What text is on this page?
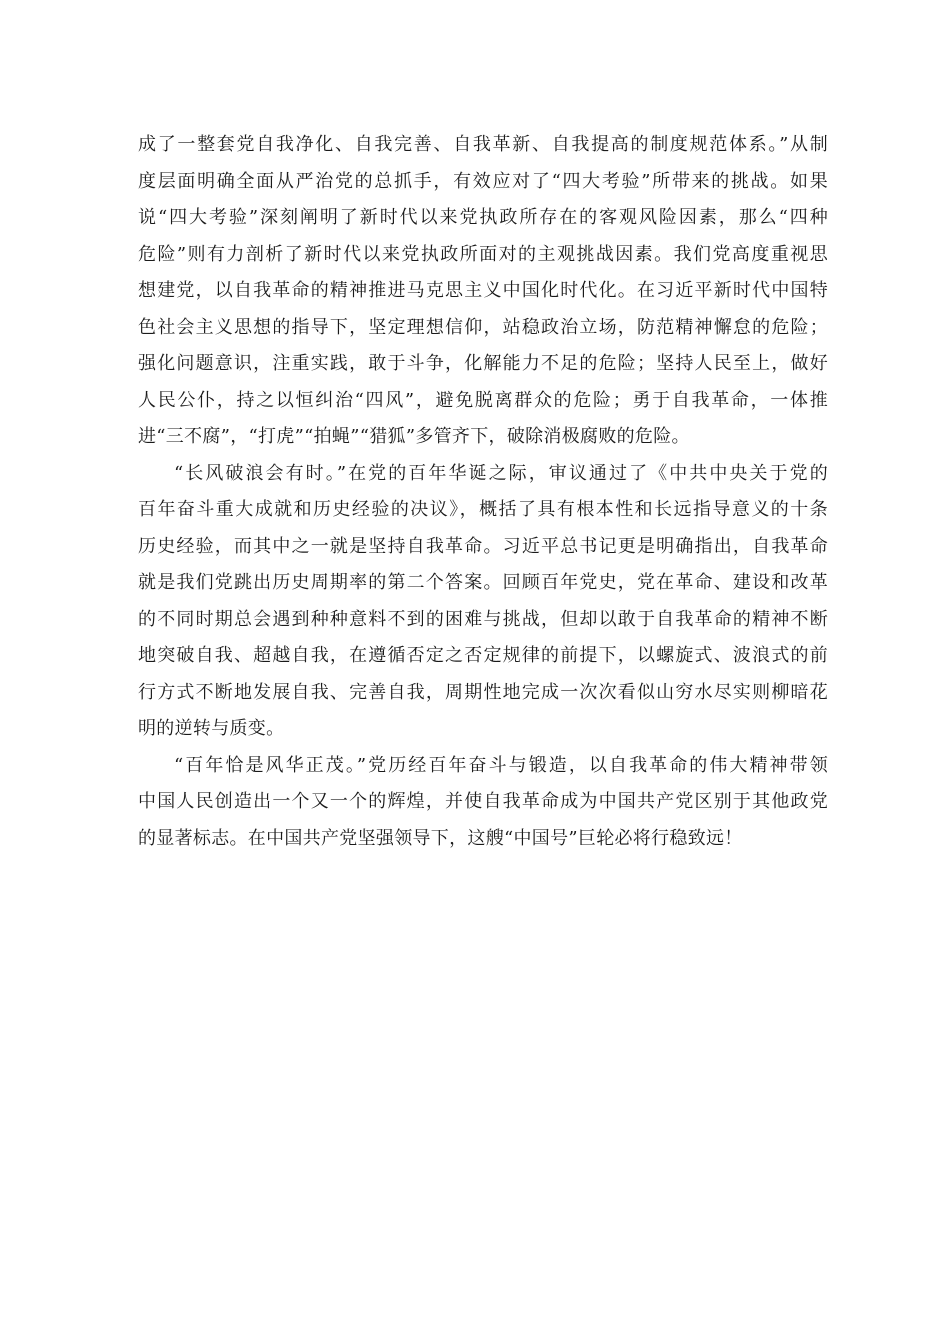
成了一整套党自我净化、自我完善、自我革新、自我提高的制度规范体系。”从制
度层面明确全面从严治党的总抓手，有效应对了“四大考验”所带来的挑战。如果
说“四大考验”深刻阐明了新时代以来党执政所存在的客观风险因素，那么“四种
危险”则有力剖析了新时代以来党执政所面对的主观挑战因素。我们党高度重视思
想建党，以自我革命的精神推进马克思主义中国化时代化。在习近平新时代中国特
色社会主义思想的指导下，坚定理想信仰，站稳政治立场，防范精神懈怠的危险；
强化问题意识，注重实践，敢于斗争，化解能力不足的危险；坚持人民至上，做好
人民公仆，持之以恒纠治“四风”，避免脱离群众的危险；勇于自我革命，一体推
进“三不腐”，“打虎”“拍蝇”“猎狐”多管齐下，破除消极腐败的危险。
“长风破浪会有时。”在党的百年华诞之际，审议通过了《中共中央关于党的
百年奋斗重大成就和历史经验的决议》，概括了具有根本性和长远指导意义的十条
历史经验，而其中之一就是坚持自我革命。习近平总书记更是明确指出，自我革命
就是我们党跳出历史周期率的第二个答案。回顾百年党史，党在革命、建设和改革
的不同时期总会遇到种种意料不到的困难与挑战，但却以敢于自我革命的精神不断
地突破自我、超越自我，在遵循否定之否定规律的前提下，以螺旋式、波浪式的前
行方式不断地发展自我、完善自我，周期性地完成一次次看似山穷水尽实则柳暗花
明的逆转与质变。
“百年恰是风华正茂。”党历经百年奋斗与锻造，以自我革命的伟大精神带领
中国人民创造出一个又一个的辉煌，并使自我革命成为中国共产党区别于其他政党
的显著标志。在中国共产党坚强领导下，这艘“中国号”巨轮必将行稳致远！
